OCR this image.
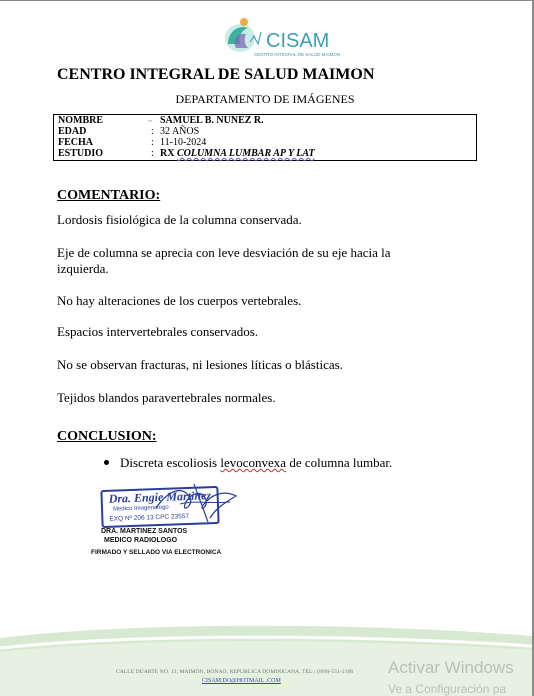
CISAM
CENTRO INTEGRAL DE SALUD MAIMON
CENTRO INTEGRAL DE SALUD MAIMON
DEPARTAMENTO DE IMÁGENES
NOMBRE	ᵤᵤ SAMUEL B. NUNEZ R.
EDAD	: 32 AÑOS
FECHA	: 11-10-2024
ESTUDIO	: RX COLUMNA LUMBAR AP Y LAT
COMENTARIO:
Lordosis fisiológica de la columna conservada.
Eje de columna se aprecia con leve desviación de su eje hacia la izquierda.
No hay alteraciones de los cuerpos vertebrales.
Espacios intervertebrales conservados.
No se observan fracturas, ni lesiones líticas o blásticas.
Tejidos blandos paravertebrales normales.
CONCLUSION:
Discreta escoliosis levoconvexa de columna lumbar.
Dra. Engie Martinez
Medico Imagenologo
EXQ Nº 206 13 CPC 23557
DRA. MARTINEZ SANTOS
MEDICO RADIOLOGO
FIRMADO Y SELLADO VIA ELECTRONICA
CALLE DUARTE NO. 13, MAIMÓN, BONAO, REPUBLICA DOMINICANA, TEL.: (809)-551-2106
CISAM.DO@HOTMAIL .COM
Activar Windows
Ve a Configuración pa
